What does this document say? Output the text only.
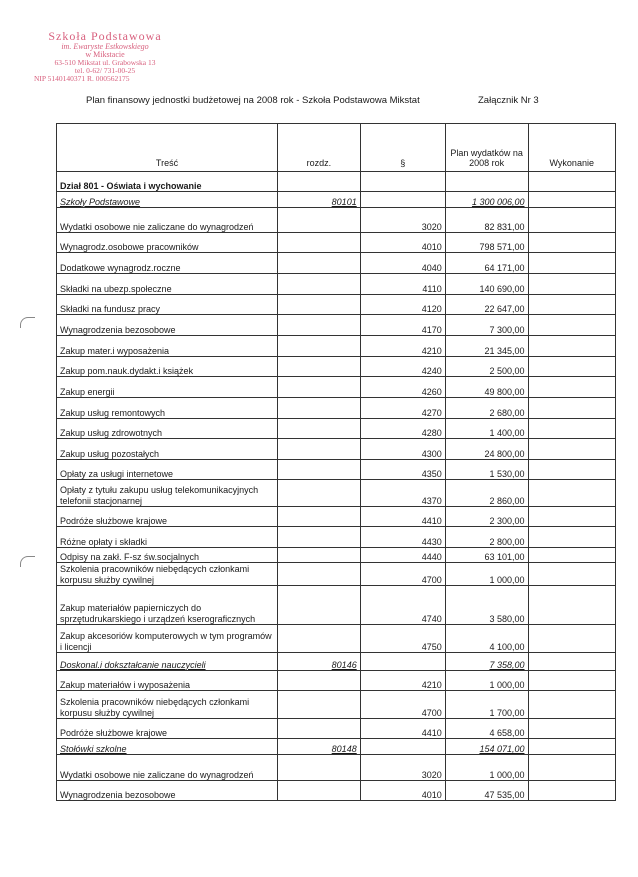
Szkoła Podstawowa
im. Ewaryste Estkowskiego
w Mikstacie
63-510 Mikstat ul. Grabowska 13
tel. 0-62/ 731-00-25
NIP 5140140371 R. 000562175
Plan finansowy jednostki budżetowej na 2008 rok - Szkoła Podstawowa Mikstat	Załącznik Nr 3
Treść	rozdz.	§	Plan wydatków na 2008 rok	Wykonanie
Dział 801 - Oświata i wychowanie				
Szkoły Podstawowe	80101		1 300 006,00	
Wydatki osobowe nie zaliczane do wynagrodzeń		3020	82 831,00	
Wynagrodz.osobowe pracowników		4010	798 571,00	
Dodatkowe wynagrodz.roczne		4040	64 171,00	
Składki na ubezp.społeczne		4110	140 690,00	
Składki na fundusz pracy		4120	22 647,00	
Wynagrodzenia bezosobowe		4170	7 300,00	
Zakup mater.i wyposażenia		4210	21 345,00	
Zakup pom.nauk.dydakt.i książek		4240	2 500,00	
Zakup energii		4260	49 800,00	
Zakup usług remontowych		4270	2 680,00	
Zakup usług zdrowotnych		4280	1 400,00	
Zakup usług pozostałych		4300	24 800,00	
Opłaty za usługi internetowe		4350	1 530,00	
Opłaty z tytułu zakupu usług telekomunikacyjnych telefonii stacjonarnej		4370	2 860,00	
Podróże służbowe krajowe		4410	2 300,00	
Różne opłaty i składki		4430	2 800,00	
Odpisy na zakł. F-sz św.socjalnych		4440	63 101,00	
Szkolenia pracowników niebędących członkami korpusu służby cywilnej		4700	1 000,00	
Zakup materiałów papierniczych do sprzętudrukarskiego i urządzeń kserograficznych		4740	3 580,00	
Zakup akcesoriów komputerowych w tym programów i licencji		4750	4 100,00	
Doskonal.i dokształcanie nauczycieli	80146		7 358,00	
Zakup materiałów i wyposażenia		4210	1 000,00	
Szkolenia pracowników niebędących członkami korpusu służby cywilnej		4700	1 700,00	
Podróże służbowe krajowe		4410	4 658,00	
Stołówki szkolne	80148		154 071,00	
Wydatki osobowe nie zaliczane do wynagrodzeń		3020	1 000,00	
Wynagrodzenia bezosobowe		4010	47 535,00	
